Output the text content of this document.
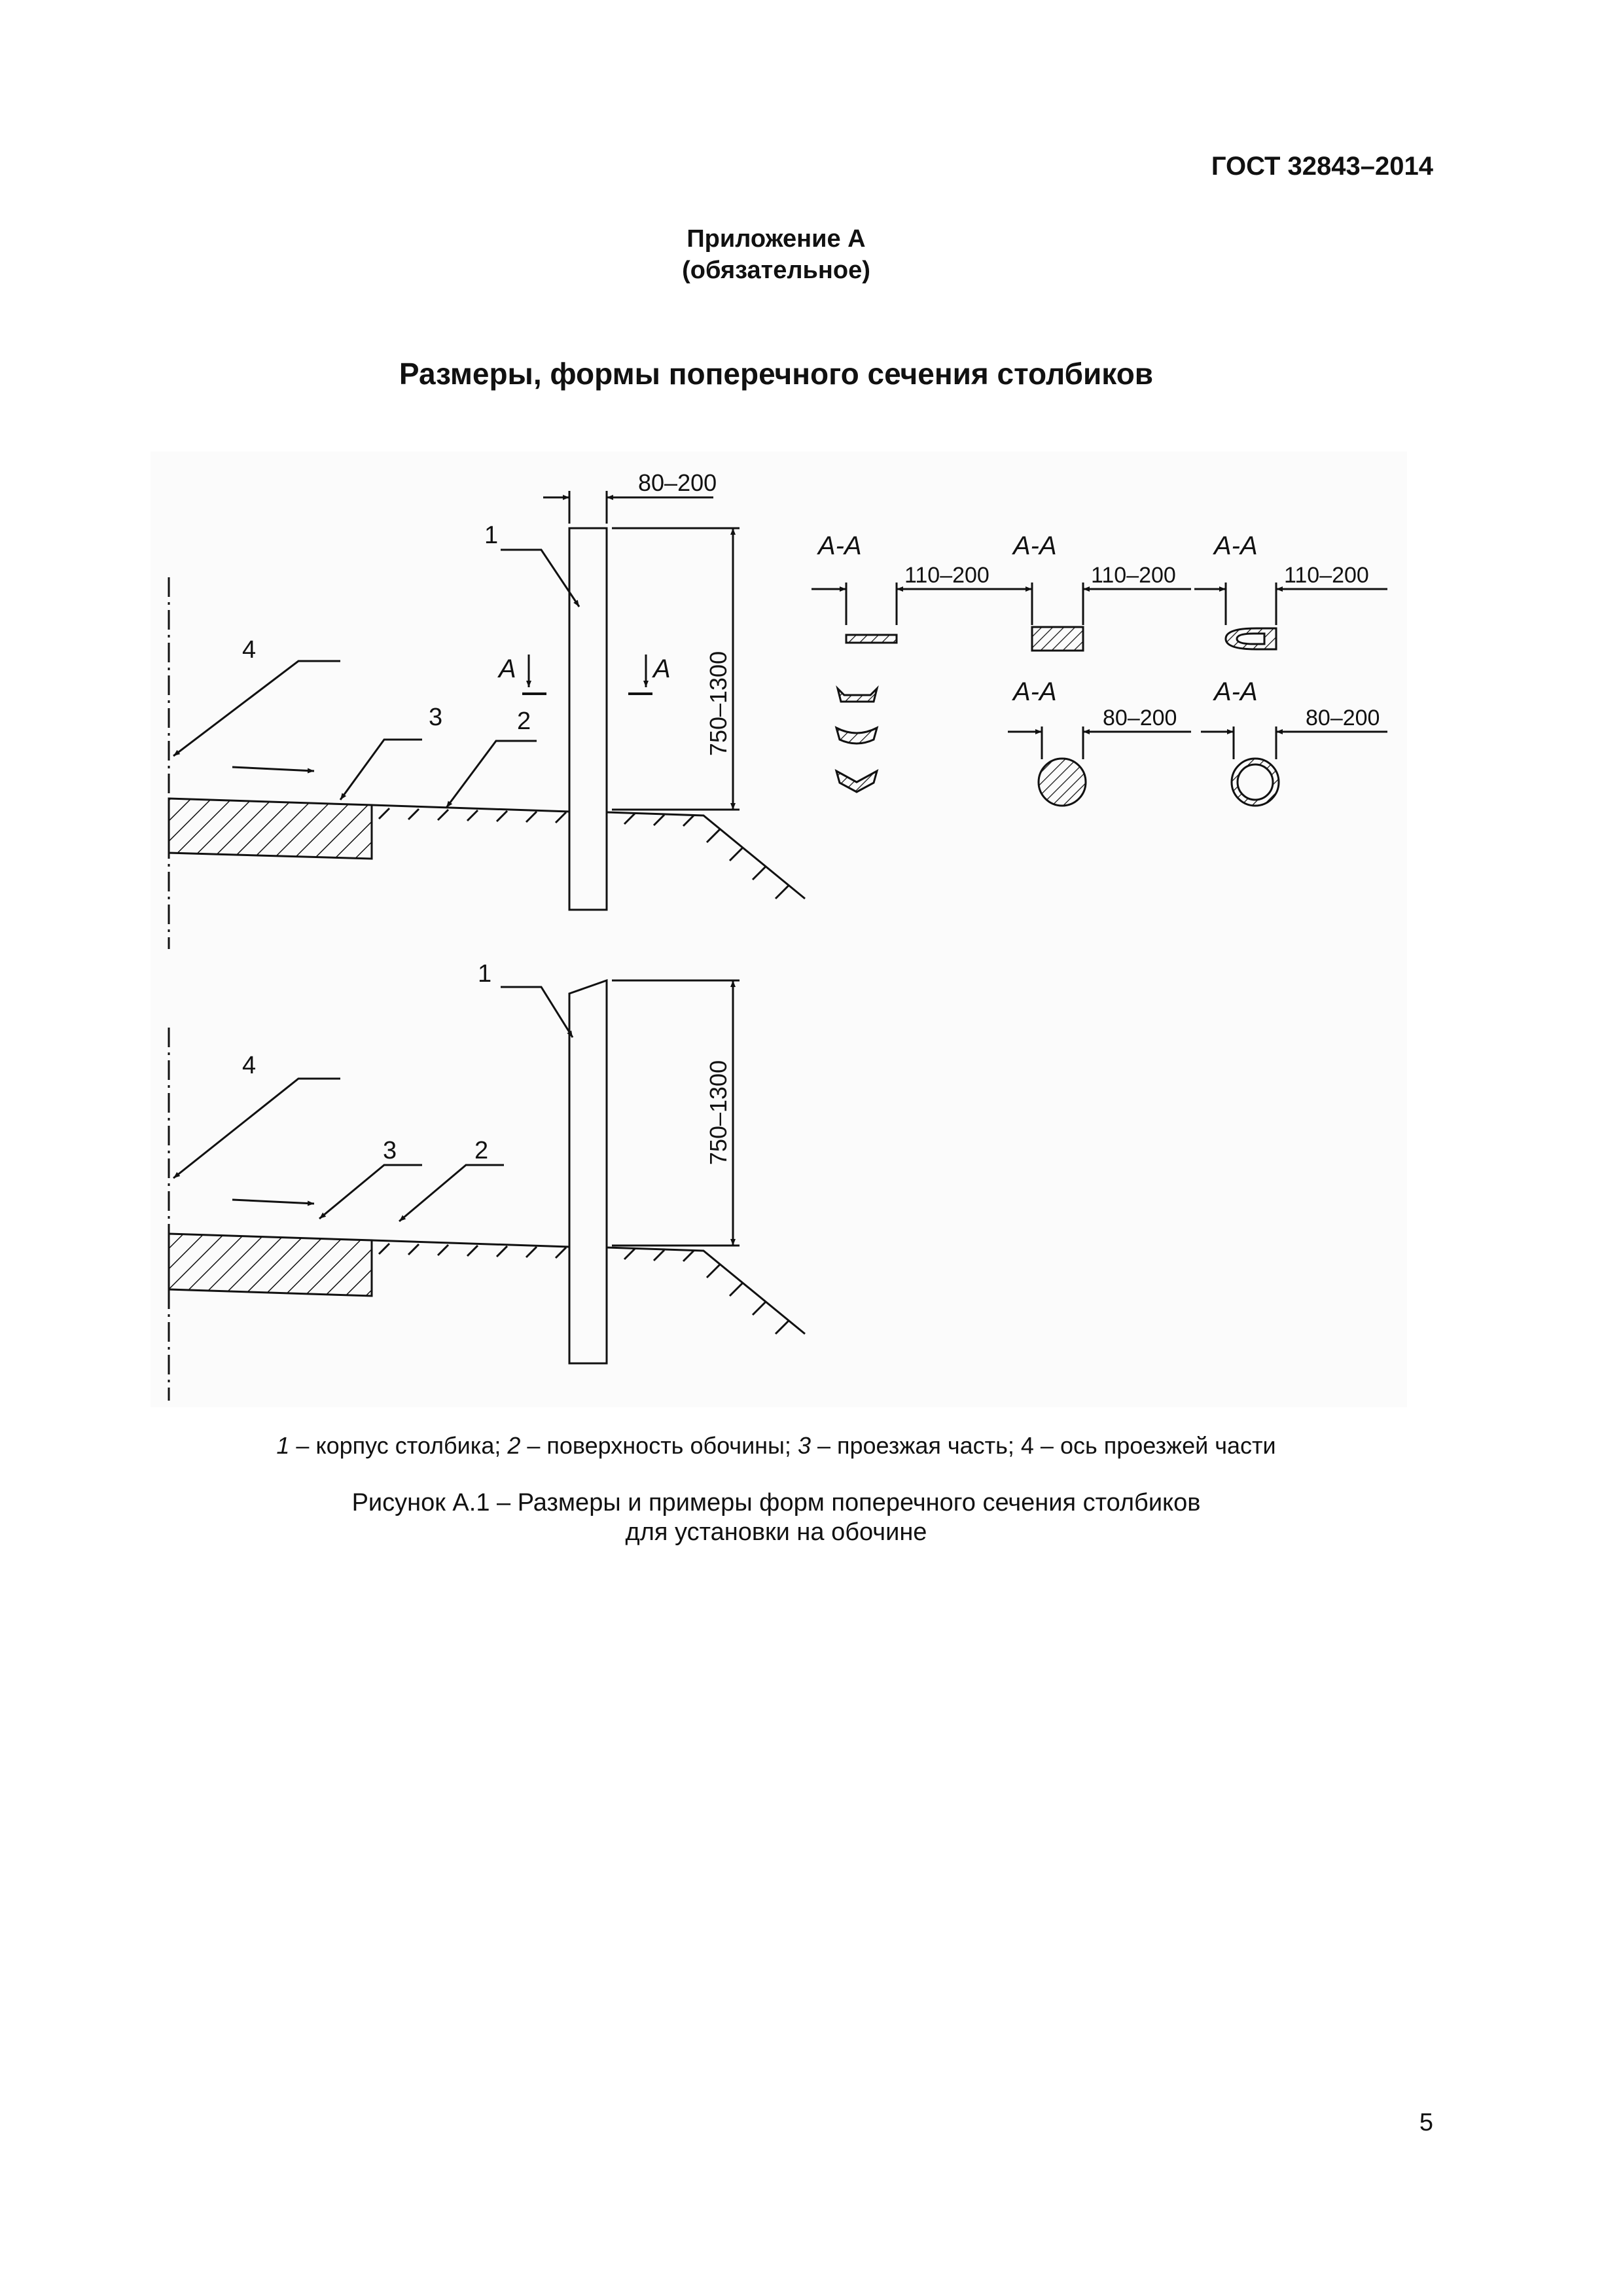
ГОСТ 32843–2014
Приложение А
(обязательное)
Размеры, формы поперечного сечения столбиков
1
4
3	2
80–200
750–1300
А	А
А-А	А-А	А-А
А-А	А-А
110–200	110–200	110–200
80–200	80–200
1
4
3	2	750–1300
1 – корпус столбика; 2 – поверхность обочины; 3 – проезжая часть; 4 – ось проезжей части
Рисунок А.1 – Размеры и примеры форм поперечного сечения столбиков
для установки на обочине
5
